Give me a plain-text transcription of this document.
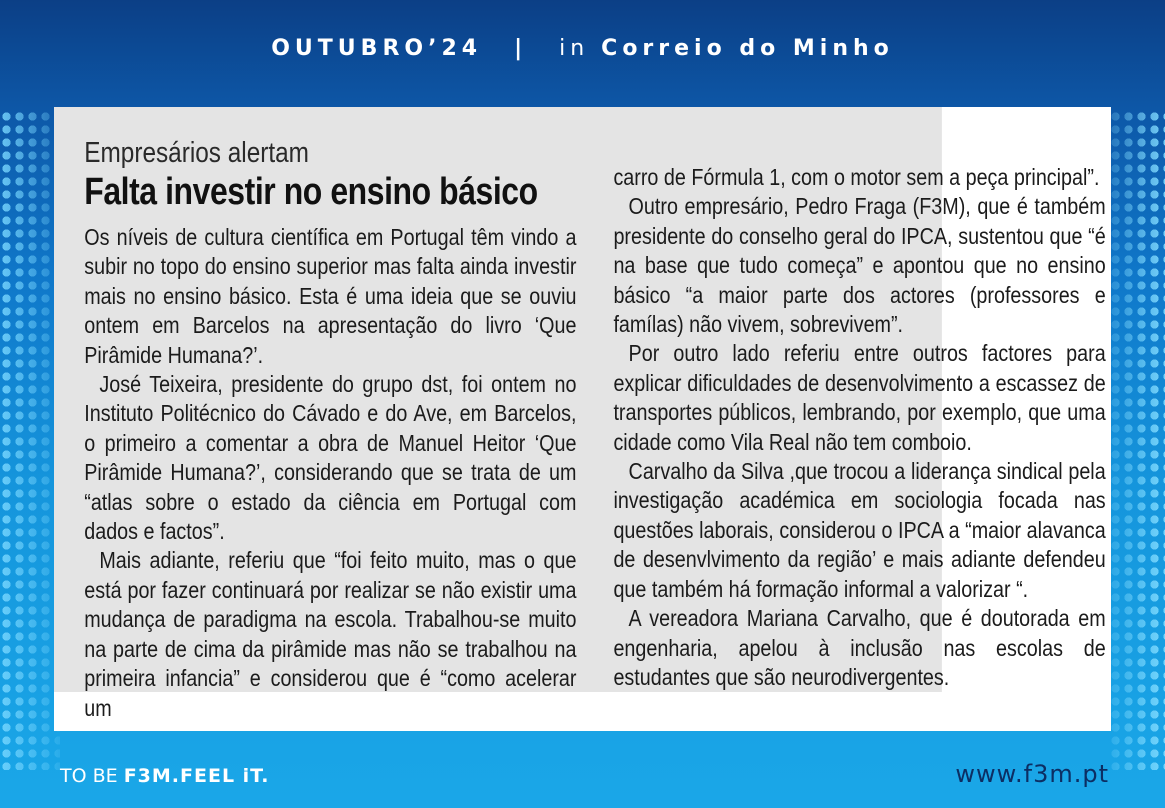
OUTUBRO’24 | in Correio do Minho
Empresários alertam
Falta investir no ensino básico

Os níveis de cultura científica em Portugal têm vindo a subir no topo do ensino superior mas falta ainda investir mais no ensino básico. Esta é uma ideia que se ouviu ontem em Barcelos na apresentação do livro ‘Que Pirâmide Humana?’.

José Teixeira, presidente do grupo dst, foi ontem no Instituto Politécnico do Cávado e do Ave, em Barcelos, o primeiro a comentar a obra de Manuel Heitor ‘Que Pirâmide Humana?’, considerando que se trata de um “atlas sobre o estado da ciência em Portugal com dados e factos”.

Mais adiante, referiu que “foi feito muito, mas o que está por fazer continuará por realizar se não existir uma mudança de paradigma na escola. Trabalhou-se muito na parte de cima da pirâmide mas não se trabalhou na primeira infancia” e considerou que é “como acelerar um

carro de Fórmula 1, com o motor sem a peça principal”.

Outro empresário, Pedro Fraga (F3M), que é também presidente do conselho geral do IPCA, sustentou que “é na base que tudo começa” e apontou que no ensino básico “a maior parte dos actores (professores e famílas) não vivem, sobrevivem”.

Por outro lado referiu entre outros factores para explicar dificuldades de desenvolvimento a escassez de transportes públicos, lembrando, por exemplo, que uma cidade como Vila Real não tem comboio.

Carvalho da Silva ,que trocou a liderança sindical pela investigação académica em sociologia focada nas questões laborais, considerou o IPCA a “maior alavanca de desenvlvimento da região’ e mais adiante defendeu que também há formação informal a valorizar “.

A vereadora Mariana Carvalho, que é doutorada em engenharia, apelou à inclusão nas escolas de estudantes que são neurodivergentes.

TO BE F3M.FEEL iT.	www.f3m.pt
